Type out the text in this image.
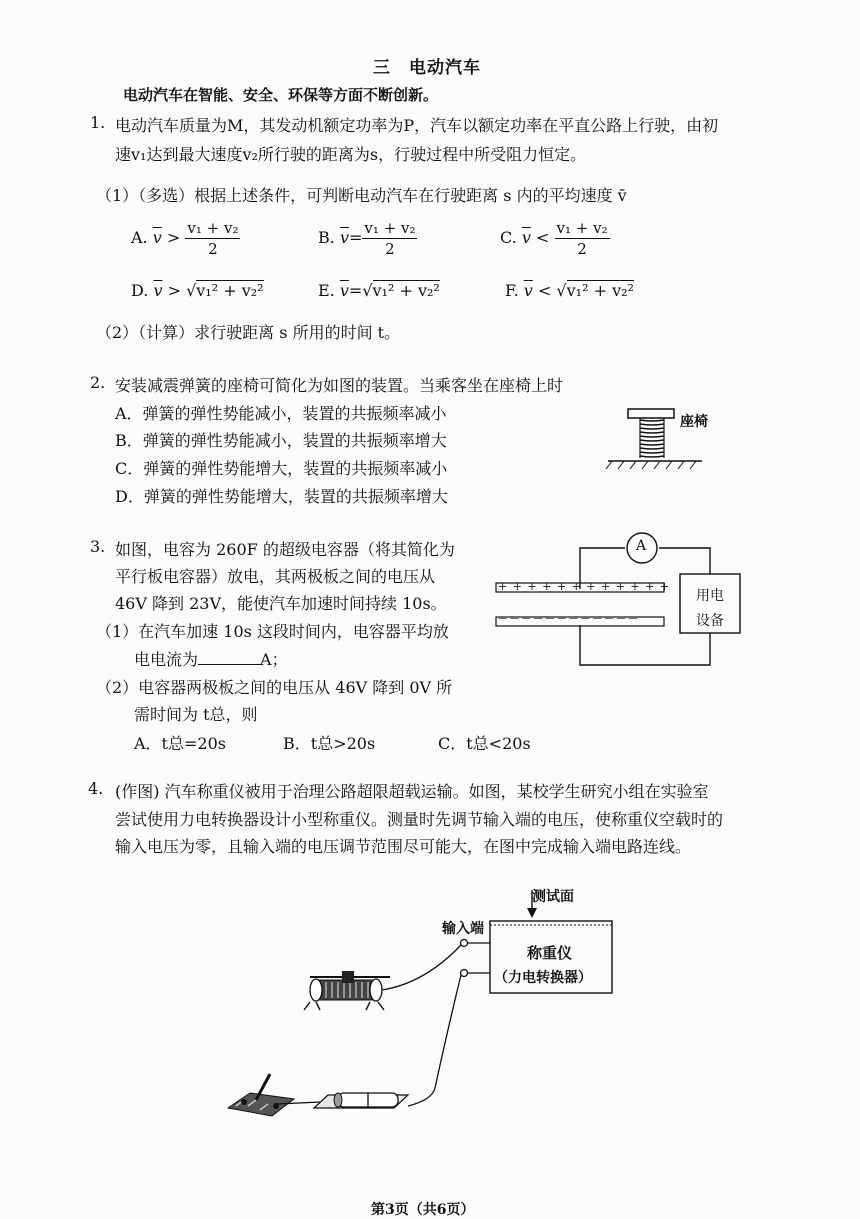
三　电动汽车
电动汽车在智能、安全、环保等方面不断创新。
1. 电动汽车质量为M，其发动机额定功率为P，汽车以额定功率在平直公路上行驶，由初
速v₁达到最大速度v₂所行驶的距离为s，行驶过程中所受阻力恒定。
（1）（多选）根据上述条件，可判断电动汽车在行驶距离 s 内的平均速度 v̄
A. $\overline{v} > \frac{\text{v₁ + v₂}}{2}$	B. $\overline{v}= \frac{\text{v₁ + v₂}}{2}$	C. $\overline{v} < \frac{\text{v₁ + v₂}}{2}$
D. $\overline{v} > √v_1^2 + v_2^2$	E. $\overline{v}=√v_1^2 + v_2^2$	F. $\overline{v} < √v_1^2 + v_2^2$
（2）（计算）求行驶距离 s 所用的时间 t。
2. 安装减震弹簧的座椅可简化为如图的装置。当乘客坐在座椅上时
A．弹簧的弹性势能减小，装置的共振频率减小
B．弹簧的弹性势能减小，装置的共振频率增大
C．弹簧的弹性势能增大，装置的共振频率减小
D．弹簧的弹性势能增大，装置的共振频率增大
座椅
3. 如图，电容为 260F 的超级电容器（将其简化为
平行板电容器）放电，其两极板之间的电压从
46V 降到 23V，能使汽车加速时间持续 10s。
（1）在汽车加速 10s 这段时间内，电容器平均放
电电流为	A；
（2）电容器两极板之间的电压从 46V 降到 0V 所
需时间为 t总，则
A．t总=20s	B．t总>20s	C．t总<20s
A
用电
设备
+ + + + + + + + + + + +
— — — — — — — — — — — —
4. (作图) 汽车称重仪被用于治理公路超限超载运输。如图，某校学生研究小组在实验室
尝试使用力电转换器设计小型称重仪。测量时先调节输入端的电压，使称重仪空载时的
输入电压为零，且输入端的电压调节范围尽可能大，在图中完成输入端电路连线。
测试面
输入端
称重仪
（力电转换器）
第3页（共6页）
